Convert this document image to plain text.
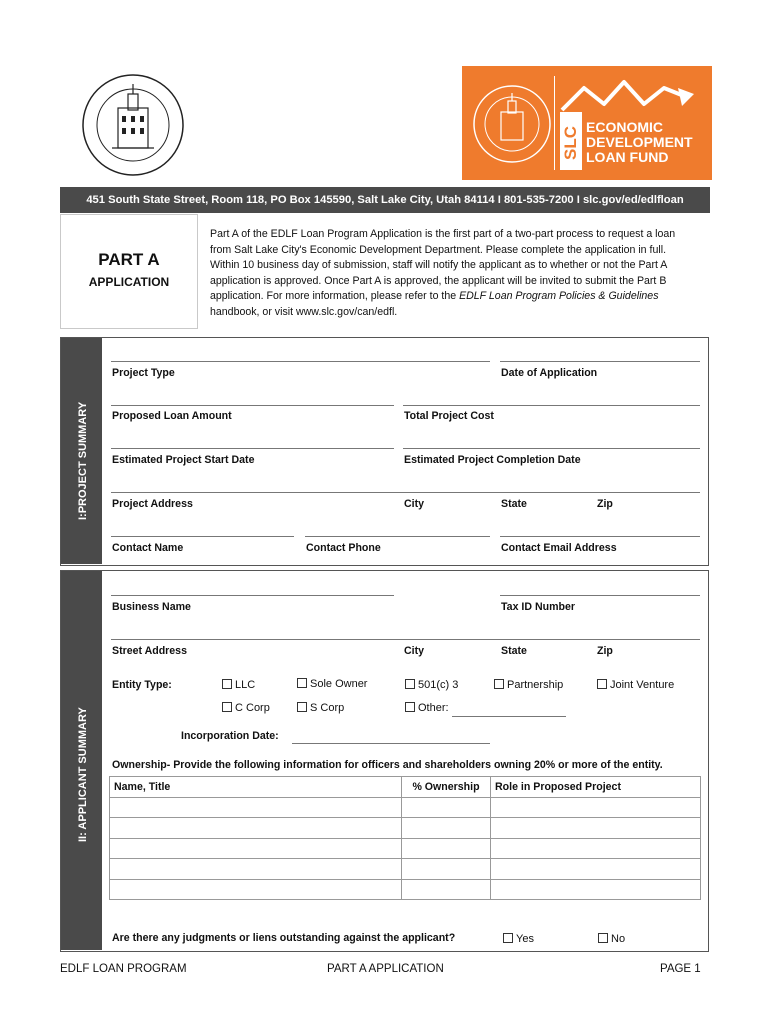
SLC ECONOMIC
DEVELOPMENT
LOAN FUND
451 South State Street, Room 118, PO Box 145590, Salt Lake City, Utah 84114 I 801-535-7200 I slc.gov/ed/edlfloan
PART A
APPLICATION
Part A of the EDLF Loan Program Application is the first part of a two-part process to request a loan from Salt Lake City's Economic Development Department. Please complete the application in full. Within 10 business day of submission, staff will notify the applicant as to whether or not the Part A application is approved. Once Part A is approved, the applicant will be invited to submit the Part B application. For more information, please refer to the EDLF Loan Program Policies & Guidelines handbook, or visit www.slc.gov/can/edfl.
I:PROJECT SUMMARY
Project Type	Date of Application
Proposed Loan Amount	Total Project Cost
Estimated Project Start Date	Estimated Project Completion Date
Project Address	City	State	Zip
Contact Name	Contact Phone	Contact Email Address
II: APPLICANT SUMMARY
Business Name	Tax ID Number
Street Address	City	State	Zip
Entity Type:	LLC	Sole Owner	501(c) 3	Partnership	Joint Venture
C Corp	S Corp	Other:
Incorporation Date:
Ownership- Provide the following information for officers and shareholders owning 20% or more of the entity.
Name, Title	% Ownership	Role in Proposed Project

Are there any judgments or liens outstanding against the applicant?	Yes	No
EDLF LOAN PROGRAM	PART A APPLICATION	PAGE 1
